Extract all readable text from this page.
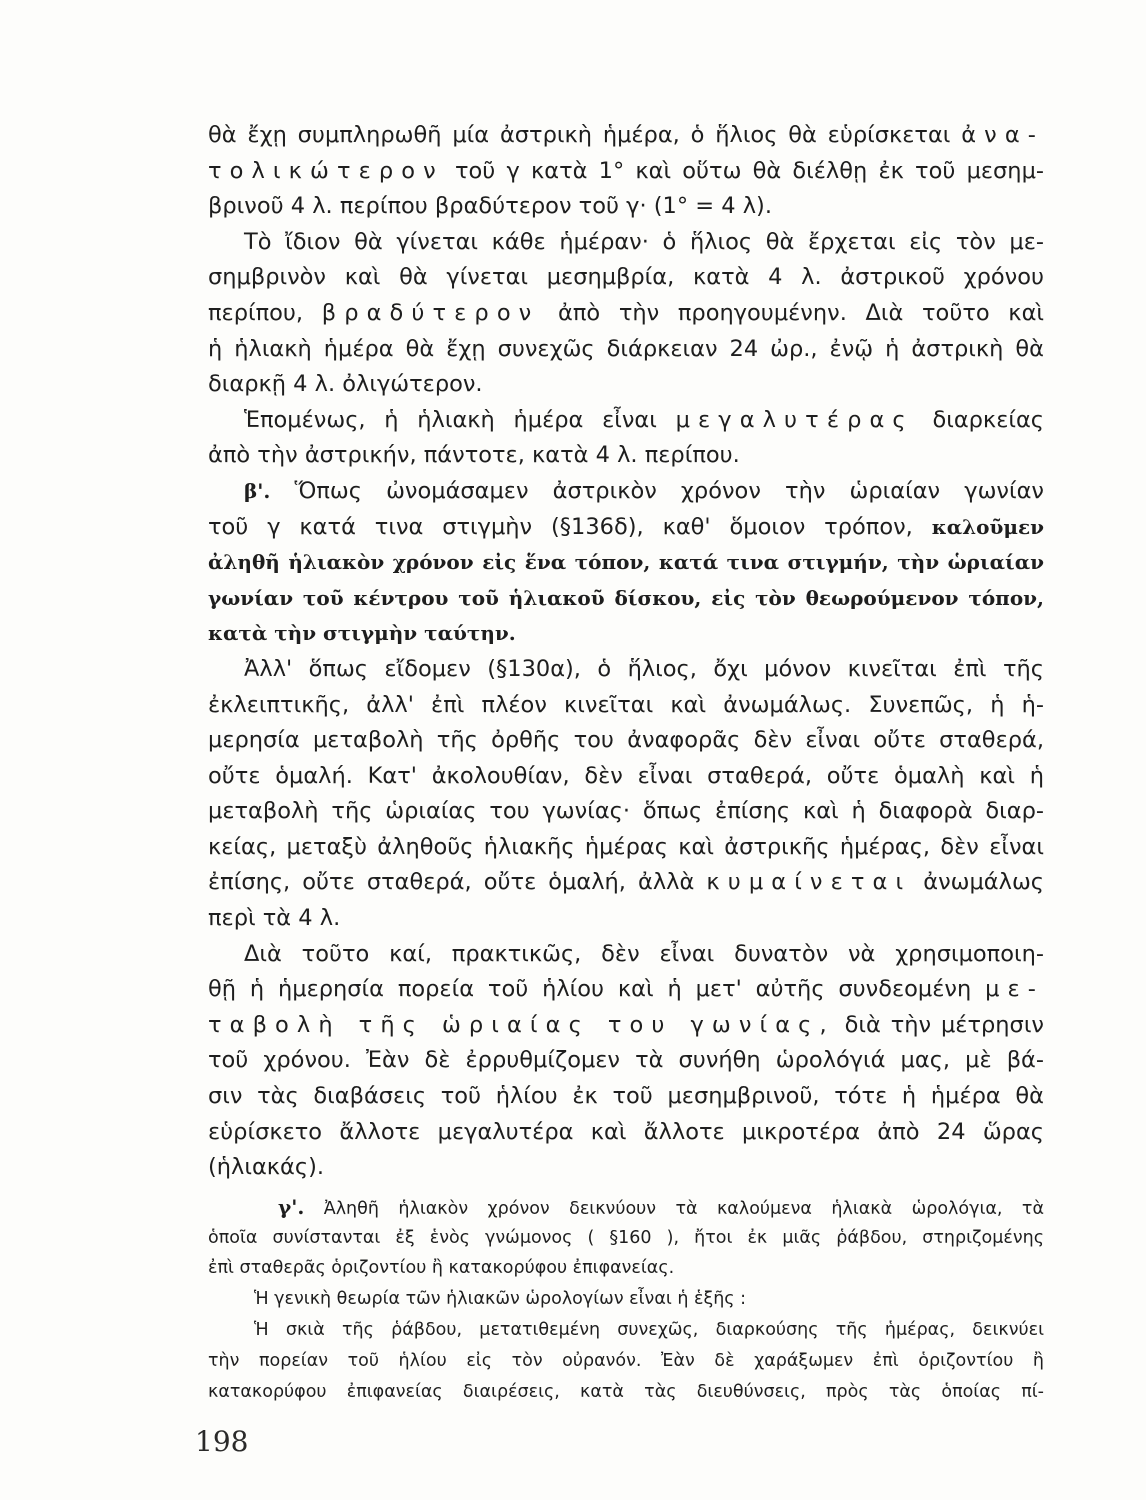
θὰ ἔχῃ συμπληρωθῆ μία ἀστρικὴ ἡμέρα, ὁ ἥλιος θὰ εὑρίσκεται ἀνα-
τολικώτερον τοῦ γ κατὰ 1° καὶ οὕτω θὰ διέλθῃ ἐκ τοῦ μεσημ-
βρινοῦ 4 λ. περίπου βραδύτερον τοῦ γ· (1° = 4 λ).
Τὸ ἴδιον θὰ γίνεται κάθε ἡμέραν· ὁ ἥλιος θὰ ἔρχεται εἰς τὸν με-
σημβρινὸν καὶ θὰ γίνεται μεσημβρία, κατὰ 4 λ. ἀστρικοῦ χρόνου
περίπου, βραδύτερον ἀπὸ τὴν προηγουμένην. Διὰ τοῦτο καὶ
ἡ ἡλιακὴ ἡμέρα θὰ ἔχῃ συνεχῶς διάρκειαν 24 ὠρ., ἐνῷ ἡ ἀστρικὴ θὰ
διαρκῇ 4 λ. ὀλιγώτερον.
Ἑπομένως, ἡ ἡλιακὴ ἡμέρα εἶναι μεγαλυτέρας διαρκείας
ἀπὸ τὴν ἀστρικήν, πάντοτε, κατὰ 4 λ. περίπου.
β'. Ὅπως ὠνομάσαμεν ἀστρικὸν χρόνον τὴν ὡριαίαν γωνίαν
τοῦ γ κατά τινα στιγμὴν (§136δ), καθ' ὅμοιον τρόπον, καλοῦμεν
ἀληθῆ ἡλιακὸν χρόνον εἰς ἕνα τόπον, κατά τινα στιγμήν, τὴν ὡριαίαν
γωνίαν τοῦ κέντρου τοῦ ἡλιακοῦ δίσκου, εἰς τὸν θεωρούμενον τόπον,
κατὰ τὴν στιγμὴν ταύτην.
Ἀλλ' ὅπως εἴδομεν (§130α), ὁ ἥλιος, ὄχι μόνον κινεῖται ἐπὶ τῆς
ἐκλειπτικῆς, ἀλλ' ἐπὶ πλέον κινεῖται καὶ ἀνωμάλως. Συνεπῶς, ἡ ἡ-
μερησία μεταβολὴ τῆς ὀρθῆς του ἀναφορᾶς δὲν εἶναι οὔτε σταθερά,
οὔτε ὁμαλή. Κατ' ἀκολουθίαν, δὲν εἶναι σταθερά, οὔτε ὁμαλὴ καὶ ἡ
μεταβολὴ τῆς ὡριαίας του γωνίας· ὅπως ἐπίσης καὶ ἡ διαφορὰ διαρ-
κείας, μεταξὺ ἀληθοῦς ἡλιακῆς ἡμέρας καὶ ἀστρικῆς ἡμέρας, δὲν εἶναι
ἐπίσης, οὔτε σταθερά, οὔτε ὁμαλή, ἀλλὰ κυμαίνεται ἀνωμάλως
περὶ τὰ 4 λ.
Διὰ τοῦτο καί, πρακτικῶς, δὲν εἶναι δυνατὸν νὰ χρησιμοποιη-
θῇ ἡ ἡμερησία πορεία τοῦ ἡλίου καὶ ἡ μετ' αὐτῆς συνδεομένη με-
ταβολὴ τῆς ὡριαίας του γωνίας, διὰ τὴν μέτρησιν
τοῦ χρόνου. Ἐὰν δὲ ἐρρυθμίζομεν τὰ συνήθη ὡρολόγιά μας, μὲ βά-
σιν τὰς διαβάσεις τοῦ ἡλίου ἐκ τοῦ μεσημβρινοῦ, τότε ἡ ἡμέρα θὰ
εὑρίσκετο ἄλλοτε μεγαλυτέρα καὶ ἄλλοτε μικροτέρα ἀπὸ 24 ὥρας
(ἡλιακάς).
γ'. Ἀληθῆ ἡλιακὸν χρόνον δεικνύουν τὰ καλούμενα ἡλιακὰ ὡρολόγια, τὰ
ὁποῖα συνίστανται ἐξ ἑνὸς γνώμονος ( §160 ), ἤτοι ἐκ μιᾶς ῥάβδου, στηριζομένης
ἐπὶ σταθερᾶς ὁριζοντίου ἢ κατακορύφου ἐπιφανείας.
Ἡ γενικὴ θεωρία τῶν ἡλιακῶν ὡρολογίων εἶναι ἡ ἑξῆς :
Ἡ σκιὰ τῆς ῥάβδου, μετατιθεμένη συνεχῶς, διαρκούσης τῆς ἡμέρας, δεικνύει
τὴν πορείαν τοῦ ἡλίου εἰς τὸν οὐρανόν. Ἐὰν δὲ χαράξωμεν ἐπὶ ὁριζοντίου ἢ
κατακορύφου ἐπιφανείας διαιρέσεις, κατὰ τὰς διευθύνσεις, πρὸς τὰς ὁποίας πί-
198
